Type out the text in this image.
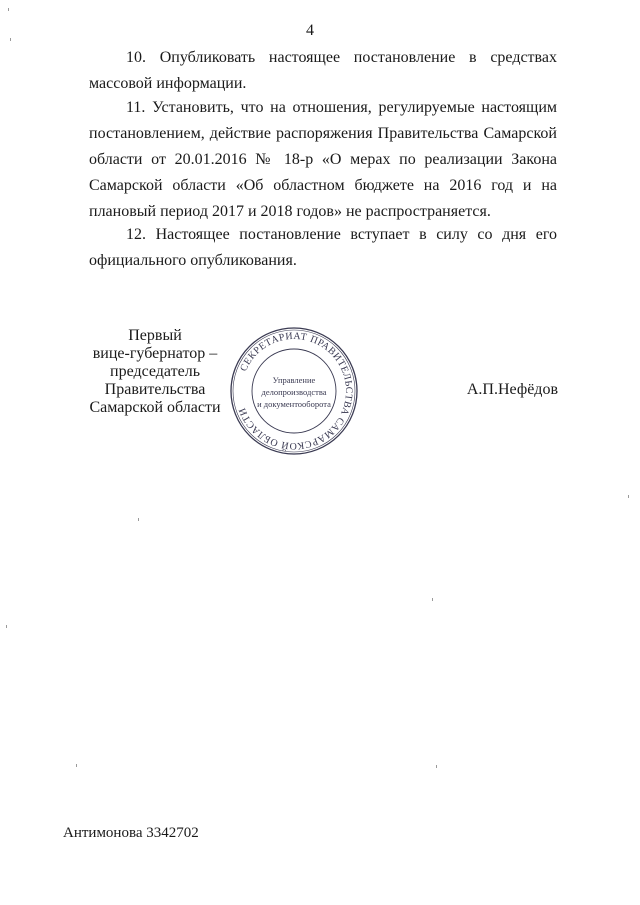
4

10. Опубликовать настоящее постановление в средствах массовой информации.

11. Установить, что на отношения, регулируемые настоящим постановлением, действие распоряжения Правительства Самарской области от 20.01.2016 № 18-р «О мерах по реализации Закона Самарской области «Об областном бюджете на 2016 год и на плановый период 2017 и 2018 годов» не распространяется.

12. Настоящее постановление вступает в силу со дня его официального опубликования.

Первый
вице-губернатор –
председатель Правительства
Самарской области
СЕКРЕТАРИАТ ПРАВИТЕЛЬСТВА САМАРСКОЙ ОБЛАСТИ
Управление
делопроизводства
и документооборота
А.П.Нефёдов
Антимонова 3342702
